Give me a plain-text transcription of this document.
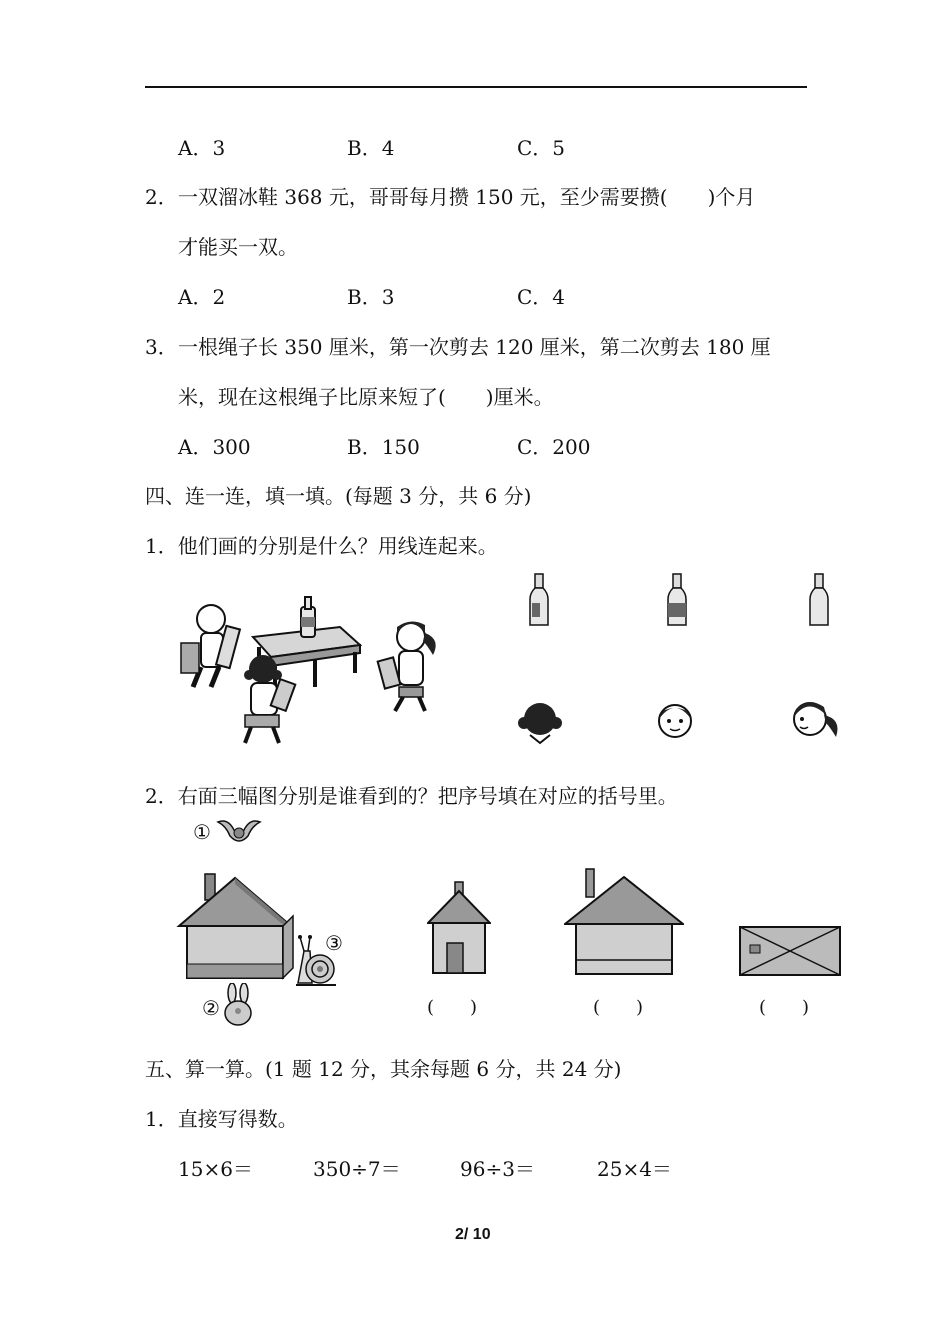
A．3	B．4	C．5
2． 一双溜冰鞋 368 元，哥哥每月攒 150 元，至少需要攒(　　)个月
才能买一双。
A．2	B．3	C．4
3． 一根绳子长 350 厘米，第一次剪去 120 厘米，第二次剪去 180 厘
米，现在这根绳子比原来短了(　　)厘米。
A．300	B．150	C．200
四、连一连，填一填。(每题 3 分，共 6 分)
1．他们画的分别是什么？用线连起来。
2．右面三幅图分别是谁看到的？把序号填在对应的括号里。
①
③
②	(　　)	(　　)	(　　)
五、算一算。(1 题 12 分，其余每题 6 分，共 24 分)
1．直接写得数。
15×6＝	350÷7＝	96÷3＝	25×4＝
2/ 10
